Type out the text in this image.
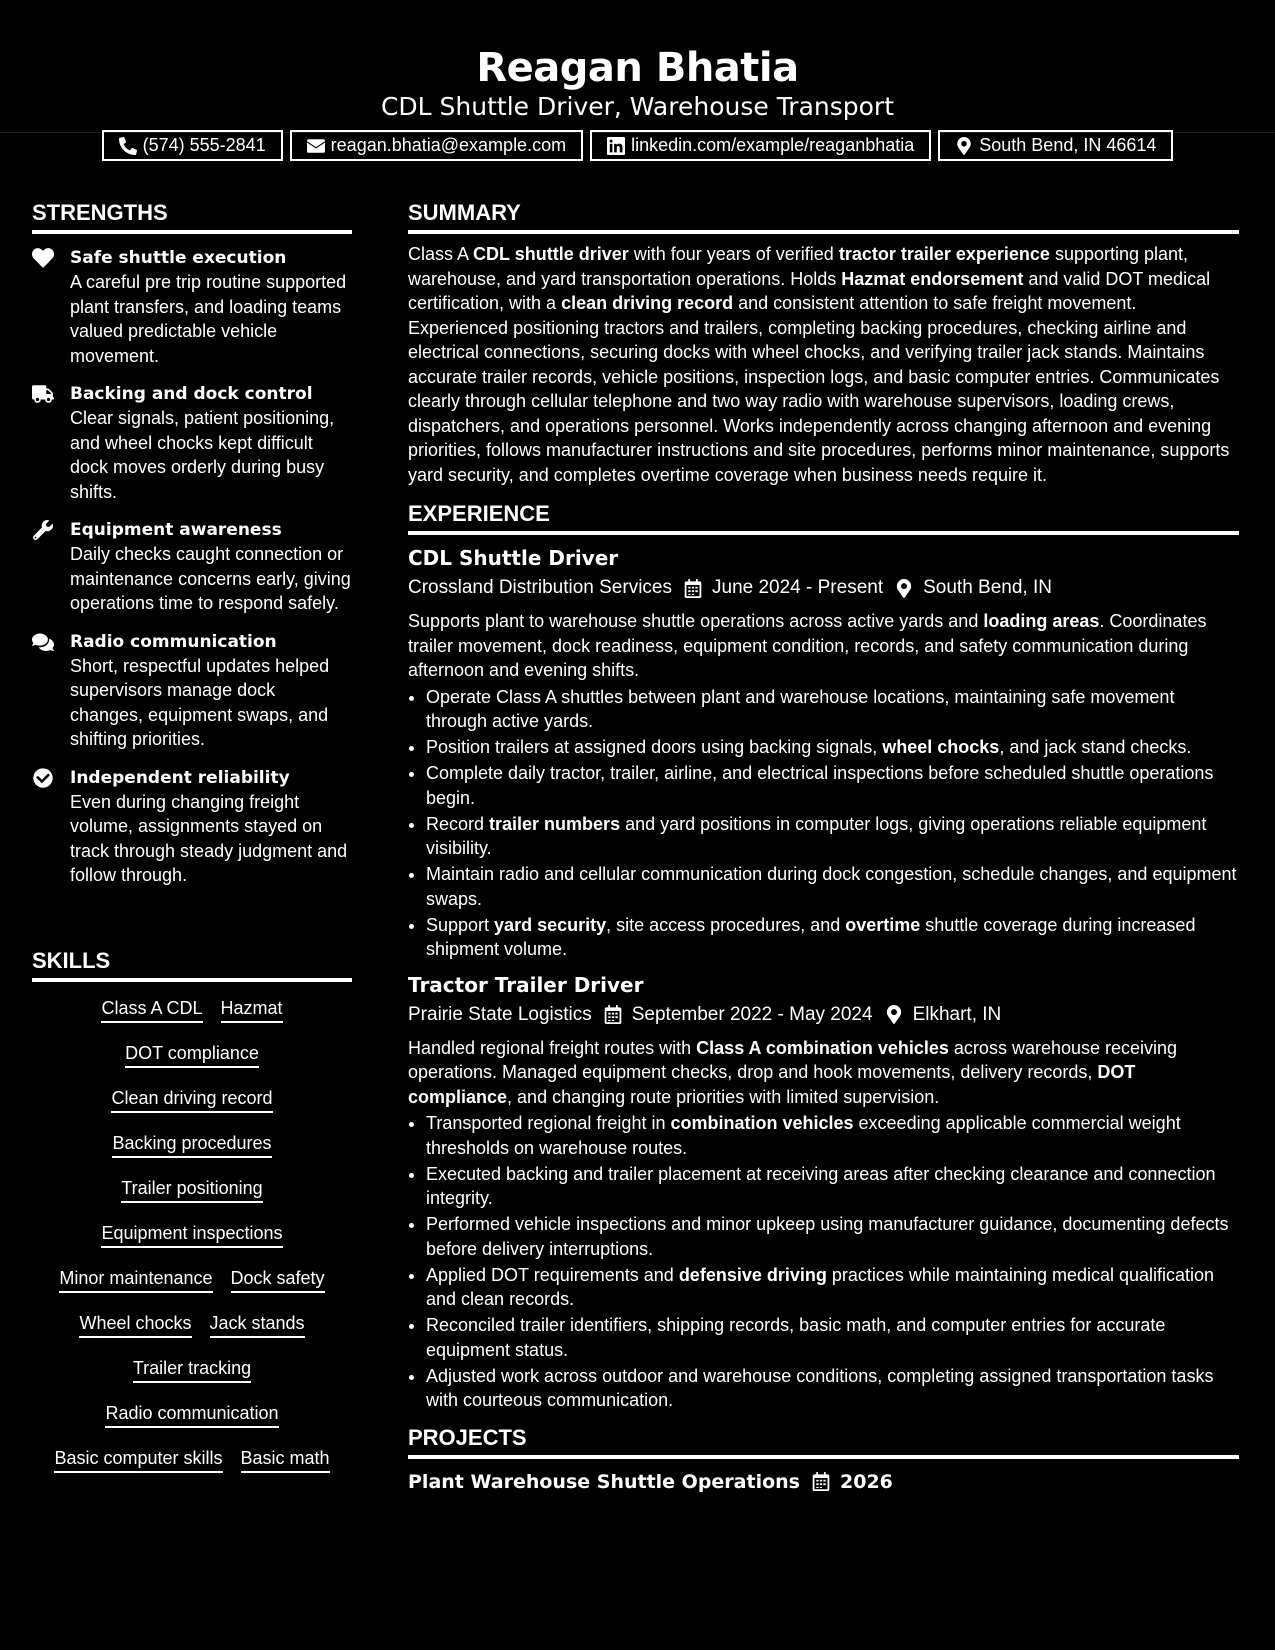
Reagan Bhatia
CDL Shuttle Driver, Warehouse Transport
(574) 555-2841	reagan.bhatia@example.com	linkedin.com/example/reaganbhatia	South Bend, IN 46614
STRENGTHS
Safe shuttle execution
A careful pre trip routine supported plant transfers, and loading teams valued predictable vehicle movement.
Backing and dock control
Clear signals, patient positioning, and wheel chocks kept difficult dock moves orderly during busy shifts.
Equipment awareness
Daily checks caught connection or maintenance concerns early, giving operations time to respond safely.
Radio communication
Short, respectful updates helped supervisors manage dock changes, equipment swaps, and shifting priorities.
Independent reliability
Even during changing freight volume, assignments stayed on track through steady judgment and follow through.
SKILLS
Class A CDL Hazmat
DOT compliance
Clean driving record
Backing procedures
Trailer positioning
Equipment inspections
Minor maintenance Dock safety
Wheel chocks Jack stands
Trailer tracking
Radio communication
Basic computer skills Basic math
SUMMARY

Class A CDL shuttle driver with four years of verified tractor trailer experience supporting plant, warehouse, and yard transportation operations. Holds Hazmat endorsement and valid DOT medical certification, with a clean driving record and consistent attention to safe freight movement. Experienced positioning tractors and trailers, completing backing procedures, checking airline and electrical connections, securing docks with wheel chocks, and verifying trailer jack stands. Maintains accurate trailer records, vehicle positions, inspection logs, and basic computer entries. Communicates clearly through cellular telephone and two way radio with warehouse supervisors, loading crews, dispatchers, and operations personnel. Works independently across changing afternoon and evening priorities, follows manufacturer instructions and site procedures, performs minor maintenance, supports yard security, and completes overtime coverage when business needs require it.

EXPERIENCE
CDL Shuttle Driver
Crossland Distribution Services June 2024 - Present South Bend, IN
Supports plant to warehouse shuttle operations across active yards and loading areas. Coordinates trailer movement, dock readiness, equipment condition, records, and safety communication during afternoon and evening shifts.
• Operate Class A shuttles between plant and warehouse locations, maintaining safe movement through active yards.
• Position trailers at assigned doors using backing signals, wheel chocks, and jack stand checks.
• Complete daily tractor, trailer, airline, and electrical inspections before scheduled shuttle operations begin.
• Record trailer numbers and yard positions in computer logs, giving operations reliable equipment visibility.
• Maintain radio and cellular communication during dock congestion, schedule changes, and equipment swaps.
• Support yard security, site access procedures, and overtime shuttle coverage during increased shipment volume.
Tractor Trailer Driver
Prairie State Logistics September 2022 - May 2024 Elkhart, IN
Handled regional freight routes with Class A combination vehicles across warehouse receiving operations. Managed equipment checks, drop and hook movements, delivery records, DOT compliance, and changing route priorities with limited supervision.
• Transported regional freight in combination vehicles exceeding applicable commercial weight thresholds on warehouse routes.
• Executed backing and trailer placement at receiving areas after checking clearance and connection integrity.
• Performed vehicle inspections and minor upkeep using manufacturer guidance, documenting defects before delivery interruptions.
• Applied DOT requirements and defensive driving practices while maintaining medical qualification and clean records.
• Reconciled trailer identifiers, shipping records, basic math, and computer entries for accurate equipment status.
• Adjusted work across outdoor and warehouse conditions, completing assigned transportation tasks with courteous communication.
PROJECTS
Plant Warehouse Shuttle Operations 2026
